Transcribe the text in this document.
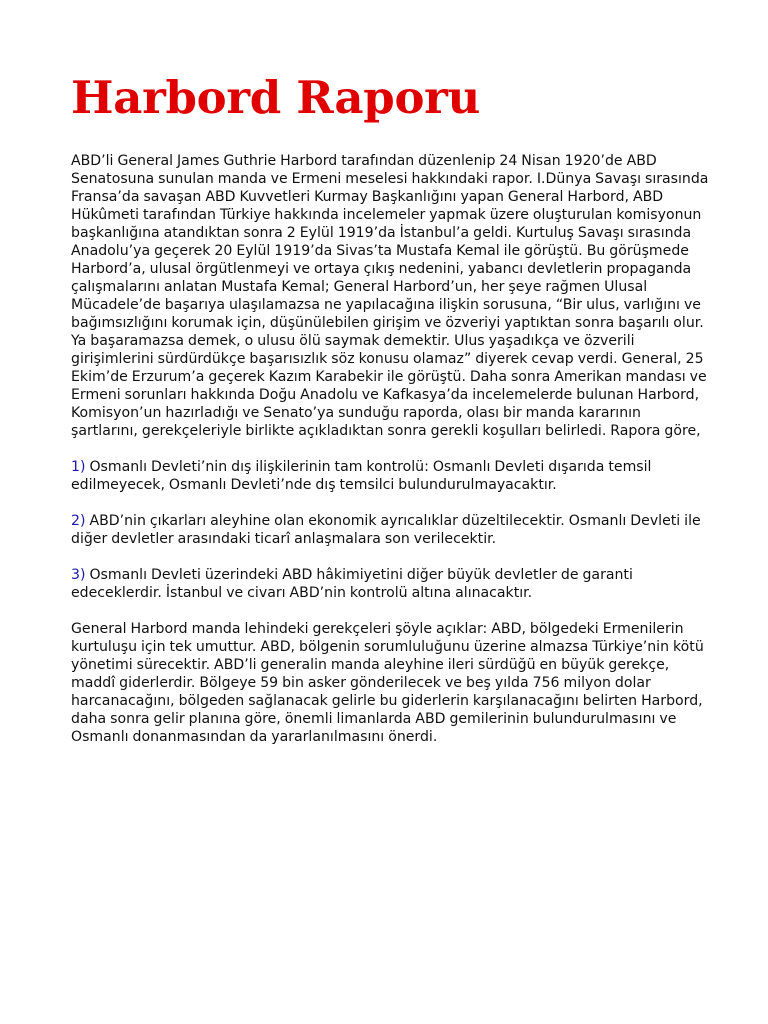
Harbord Raporu

ABD’li General James Guthrie Harbord tarafından düzenlenip 24 Nisan 1920’de ABD Senatosuna sunulan manda ve Ermeni meselesi hakkındaki rapor. I.Dünya Savaşı sırasında Fransa’da savaşan ABD Kuvvetleri Kurmay Başkanlığını yapan General Harbord, ABD Hükûmeti tarafından Türkiye hakkında incelemeler yapmak üzere oluşturulan komisyonun başkanlığına atandıktan sonra 2 Eylül 1919’da İstanbul’a geldi. Kurtuluş Savaşı sırasında Anadolu’ya geçerek 20 Eylül 1919’da Sivas’ta Mustafa Kemal ile görüştü. Bu görüşmede Harbord’a, ulusal örgütlenmeyi ve ortaya çıkış nedenini, yabancı devletlerin propaganda çalışmalarını anlatan Mustafa Kemal; General Harbord’un, her şeye rağmen Ulusal Mücadele’de başarıya ulaşılamazsa ne yapılacağına ilişkin sorusuna, “Bir ulus, varlığını ve bağımsızlığını korumak için, düşünülebilen girişim ve özveriyi yaptıktan sonra başarılı olur. Ya başaramazsa demek, o ulusu ölü saymak demektir. Ulus yaşadıkça ve özverili girişimlerini sürdürdükçe başarısızlık söz konusu olamaz” diyerek cevap verdi. General, 25 Ekim’de Erzurum’a geçerek Kazım Karabekir ile görüştü. Daha sonra Amerikan mandası ve Ermeni sorunları hakkında Doğu Anadolu ve Kafkasya’da incelemelerde bulunan Harbord, Komisyon’un hazırladığı ve Senato’ya sunduğu raporda, olası bir manda kararının şartlarını, gerekçeleriyle birlikte açıkladıktan sonra gerekli koşulları belirledi. Rapora göre,

1) Osmanlı Devleti’nin dış ilişkilerinin tam kontrolü: Osmanlı Devleti dışarıda temsil edilmeyecek, Osmanlı Devleti’nde dış temsilci bulundurulmayacaktır.

2) ABD’nin çıkarları aleyhine olan ekonomik ayrıcalıklar düzeltilecektir. Osmanlı Devleti ile diğer devletler arasındaki ticarî anlaşmalara son verilecektir.

3) Osmanlı Devleti üzerindeki ABD hâkimiyetini diğer büyük devletler de garanti edeceklerdir. İstanbul ve civarı ABD’nin kontrolü altına alınacaktır.

General Harbord manda lehindeki gerekçeleri şöyle açıklar: ABD, bölgedeki Ermenilerin kurtuluşu için tek umuttur. ABD, bölgenin sorumluluğunu üzerine almazsa Türkiye’nin kötü yönetimi sürecektir. ABD’li generalin manda aleyhine ileri sürdüğü en büyük gerekçe, maddî giderlerdir. Bölgeye 59 bin asker gönderilecek ve beş yılda 756 milyon dolar harcanacağını, bölgeden sağlanacak gelirle bu giderlerin karşılanacağını belirten Harbord, daha sonra gelir planına göre, önemli limanlarda ABD gemilerinin bulundurulmasını ve Osmanlı donanmasından da yararlanılmasını önerdi.
